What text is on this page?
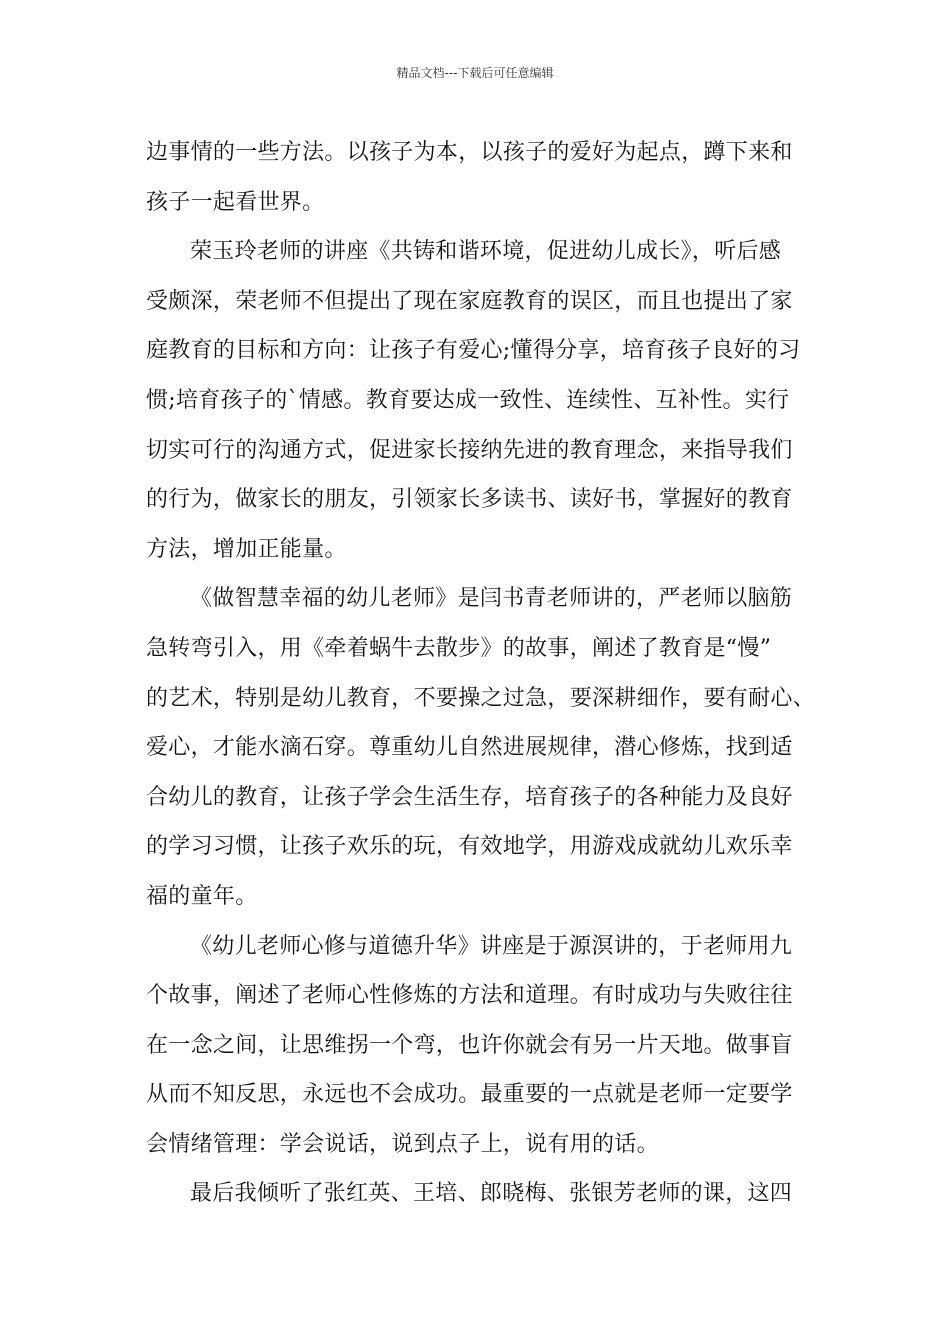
精品文档---下载后可任意编辑
边事情的一些方法。以孩子为本，以孩子的爱好为起点，蹲下来和
孩子一起看世界。
荣玉玲老师的讲座《共铸和谐环境，促进幼儿成长》，听后感
受颇深，荣老师不但提出了现在家庭教育的误区，而且也提出了家
庭教育的目标和方向：让孩子有爱心;懂得分享，培育孩子良好的习
惯;培育孩子的`情感。教育要达成一致性、连续性、互补性。实行
切实可行的沟通方式，促进家长接纳先进的教育理念，来指导我们
的行为，做家长的朋友，引领家长多读书、读好书，掌握好的教育
方法，增加正能量。
《做智慧幸福的幼儿老师》是闫书青老师讲的，严老师以脑筋
急转弯引入，用《牵着蜗牛去散步》的故事，阐述了教育是“慢”
的艺术，特别是幼儿教育，不要操之过急，要深耕细作，要有耐心、
爱心，才能水滴石穿。尊重幼儿自然进展规律，潜心修炼，找到适
合幼儿的教育，让孩子学会生活生存，培育孩子的各种能力及良好
的学习习惯，让孩子欢乐的玩，有效地学，用游戏成就幼儿欢乐幸
福的童年。
《幼儿老师心修与道德升华》讲座是于源溟讲的，于老师用九
个故事，阐述了老师心性修炼的方法和道理。有时成功与失败往往
在一念之间，让思维拐一个弯，也许你就会有另一片天地。做事盲
从而不知反思，永远也不会成功。最重要的一点就是老师一定要学
会情绪管理：学会说话，说到点子上，说有用的话。
最后我倾听了张红英、王培、郎晓梅、张银芳老师的课，这四
